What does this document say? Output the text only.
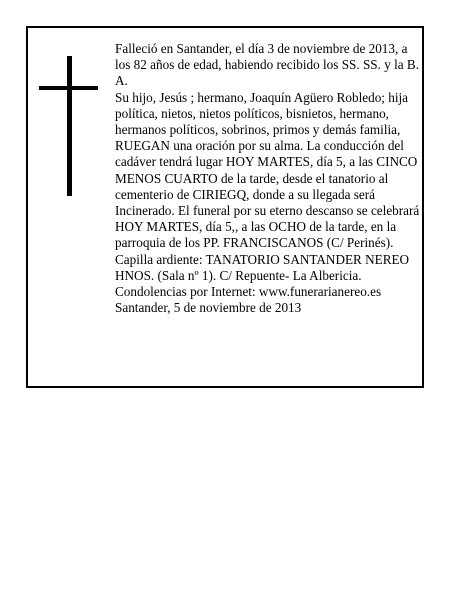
Falleció en Santander, el día 3 de noviembre de 2013, a los 82 años de edad, habiendo recibido los SS. SS. y la B. A.

Su hijo, Jesús ; hermano, Joaquín Agüero Robledo; hija política, nietos, nietos políticos, bisnietos, hermano, hermanos políticos, sobrinos, primos y demás familia, RUEGAN una oración por su alma. La conducción del cadáver tendrá lugar HOY MARTES, día 5, a las CINCO MENOS CUARTO de la tarde, desde el tanatorio al cementerio de CIRIEGQ, donde a su llegada será Incinerado. El funeral por su eterno descanso se celebrará HOY MARTES, día 5,, a las OCHO de la tarde, en la parroquia de los PP. FRANCISCANOS (C/ Perinés). Capilla ardiente: TANATORIO SANTANDER NEREO HNOS. (Sala nº 1). C/ Repuente- La Albericia.

Condolencias por Internet: www.funerarianereo.es

Santander, 5 de noviembre de 2013
